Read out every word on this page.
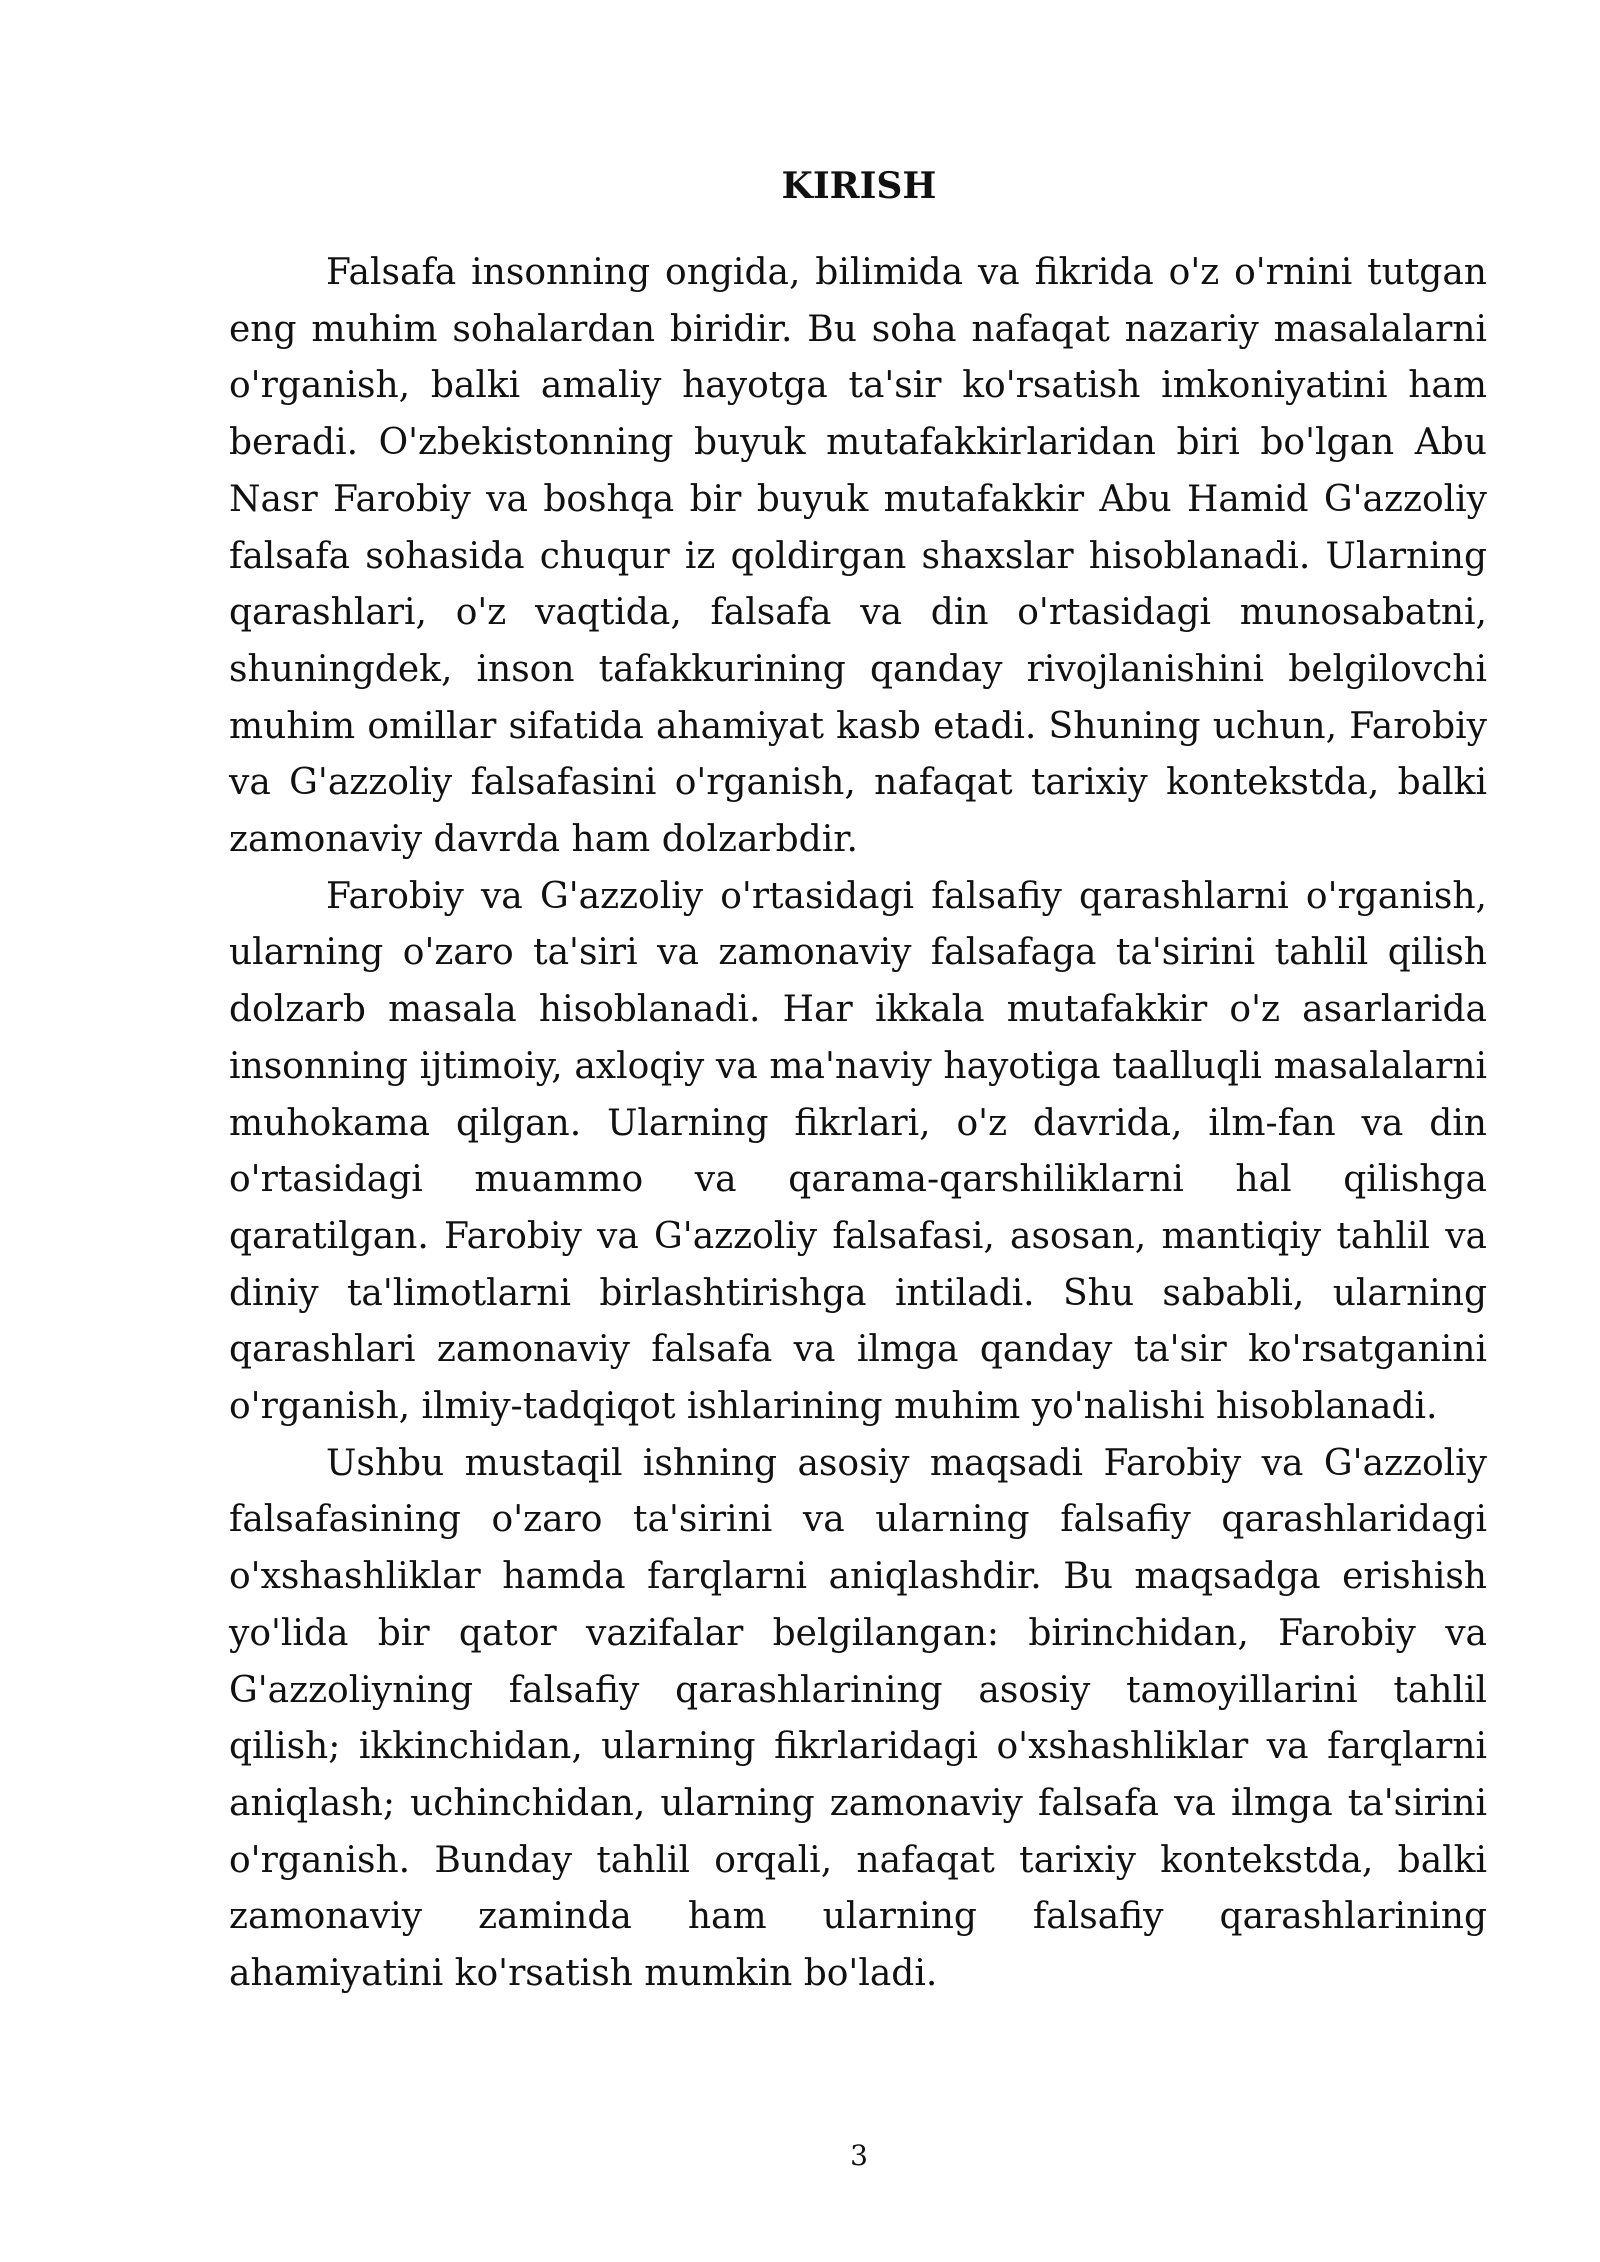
KIRISH

Falsafa insonning ongida, bilimida va fikrida o'z o'rnini tutgan eng muhim sohalardan biridir. Bu soha nafaqat nazariy masalalarni o'rganish, balki amaliy hayotga ta'sir ko'rsatish imkoniyatini ham beradi. O'zbekistonning buyuk mutafakkirlaridan biri bo'lgan Abu Nasr Farobiy va boshqa bir buyuk mutafakkir Abu Hamid G'azzoliy falsafa sohasida chuqur iz qoldirgan shaxslar hisoblanadi. Ularning qarashlari, o'z vaqtida, falsafa va din o'rtasidagi munosabatni, shuningdek, inson tafakkurining qanday rivojlanishini belgilovchi muhim omillar sifatida ahamiyat kasb etadi. Shuning uchun, Farobiy va G'azzoliy falsafasini o'rganish, nafaqat tarixiy kontekstda, balki zamonaviy davrda ham dolzarbdir.

Farobiy va G'azzoliy o'rtasidagi falsafiy qarashlarni o'rganish, ularning o'zaro ta'siri va zamonaviy falsafaga ta'sirini tahlil qilish dolzarb masala hisoblanadi. Har ikkala mutafakkir o'z asarlarida insonning ijtimoiy, axloqiy va ma'naviy hayotiga taalluqli masalalarni muhokama qilgan. Ularning fikrlari, o'z davrida, ilm-fan va din o'rtasidagi muammo va qarama-qarshiliklarni hal qilishga qaratilgan. Farobiy va G'azzoliy falsafasi, asosan, mantiqiy tahlil va diniy ta'limotlarni birlashtirishga intiladi. Shu sababli, ularning qarashlari zamonaviy falsafa va ilmga qanday ta'sir ko'rsatganini o'rganish, ilmiy-tadqiqot ishlarining muhim yo'nalishi hisoblanadi.

Ushbu mustaqil ishning asosiy maqsadi Farobiy va G'azzoliy falsafasining o'zaro ta'sirini va ularning falsafiy qarashlaridagi o'xshashliklar hamda farqlarni aniqlashdir. Bu maqsadga erishish yo'lida bir qator vazifalar belgilangan: birinchidan, Farobiy va G'azzoliyning falsafiy qarashlarining asosiy tamoyillarini tahlil qilish; ikkinchidan, ularning fikrlaridagi o'xshashliklar va farqlarni aniqlash; uchinchidan, ularning zamonaviy falsafa va ilmga ta'sirini o'rganish. Bunday tahlil orqali, nafaqat tarixiy kontekstda, balki zamonaviy zaminda ham ularning falsafiy qarashlarining ahamiyatini ko'rsatish mumkin bo'ladi.

3
